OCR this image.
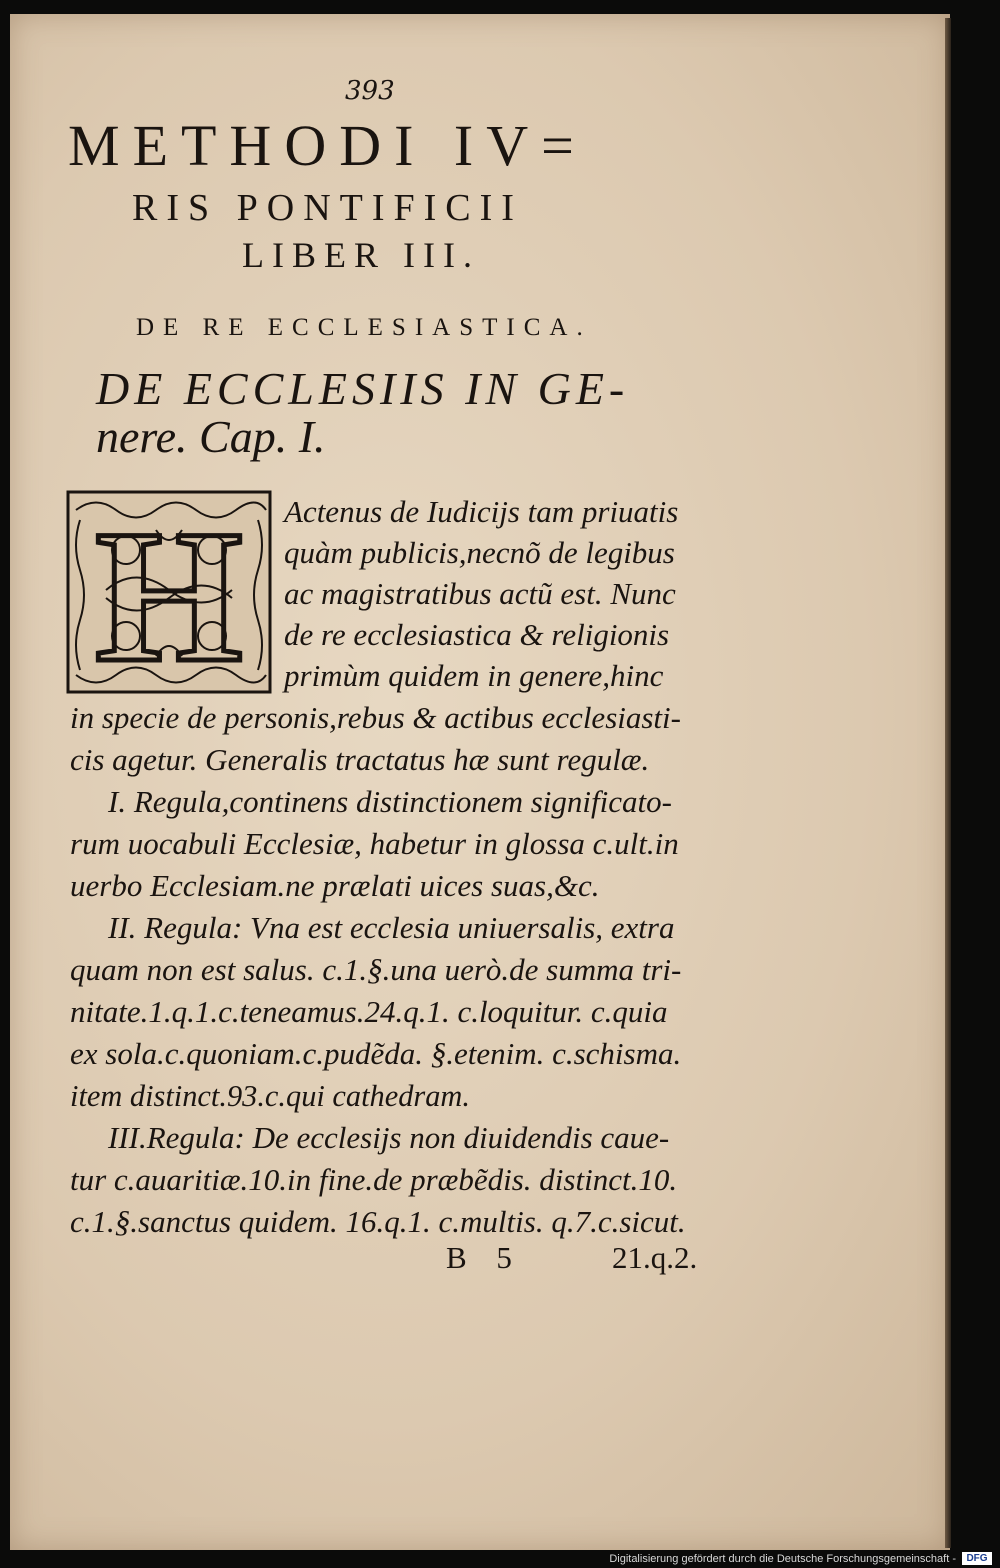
393
METHODI IV=
RIS PONTIFICII
LIBER III.
DE RE ECCLESIASTICA.
DE ECCLESIIS IN GE-
nere. Cap. I.
H
B 5	21.q.2.
Digitalisierung gefördert durch die Deutsche Forschungsgemeinschaft -	DFG
Actenus de Iudicijs tam priuatis
quàm publicis,necnõ de legibus
ac magistratibus actũ est. Nunc
de re ecclesiastica & religionis
primùm quidem in genere,hinc
in specie de personis,rebus & actibus ecclesiasti-
cis agetur. Generalis tractatus hæ sunt regulæ.
I. Regula,continens distinctionem significato-
rum uocabuli Ecclesiæ, habetur in glossa c.ult.in
uerbo Ecclesiam.ne prælati uices suas,&c.
II. Regula: Vna est ecclesia uniuersalis, extra
quam non est salus. c.1.§.una uerò.de summa tri-
nitate.1.q.1.c.teneamus.24.q.1. c.loquitur. c.quia
ex sola.c.quoniam.c.pudẽda. §.etenim. c.schisma.
item distinct.93.c.qui cathedram.
III.Regula: De ecclesijs non diuidendis caue-
tur c.auaritiæ.10.in fine.de præbẽdis. distinct.10.
c.1.§.sanctus quidem. 16.q.1. c.multis. q.7.c.sicut.
